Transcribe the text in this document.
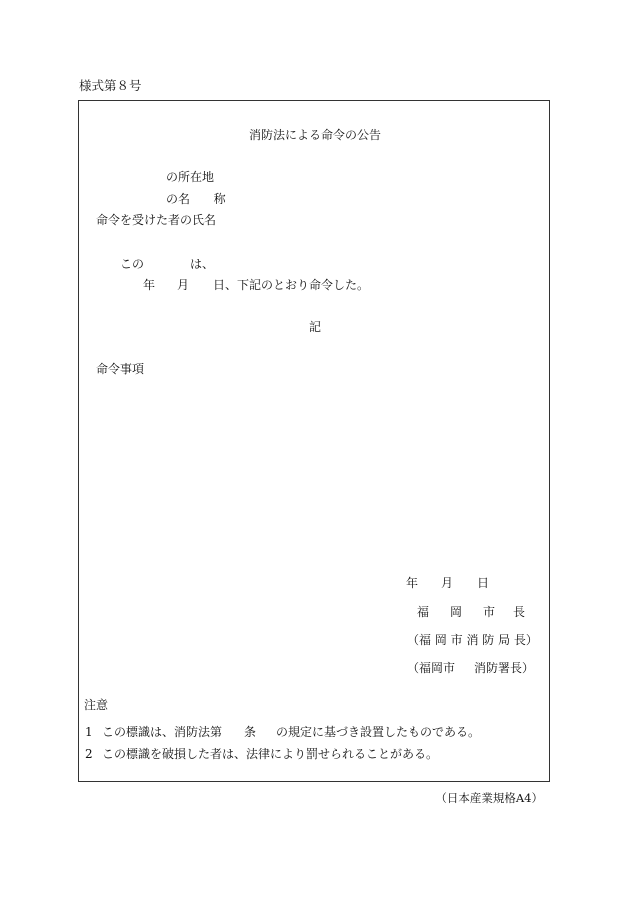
様式第８号
消防法による命令の公告
の所在地
の名 称
命令を受けた者の氏名
この	は、
年 月 日、下記のとおり命令した。
記
命令事項
年 月 日
福 岡 市 長
（福 岡 市 消 防 局 長）
（福岡市 消防署長）
注意
1 この標識は、消防法第 条 の規定に基づき設置したものである。
2 この標識を破損した者は、法律により罰せられることがある。
（日本産業規格A4）
